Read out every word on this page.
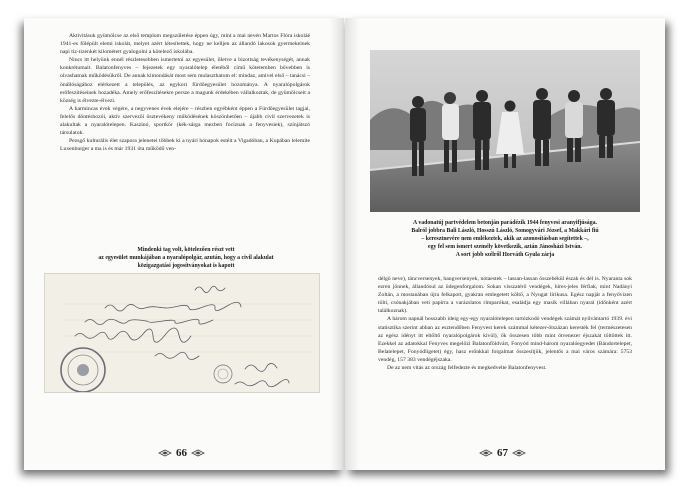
Aktivitásuk gyümölcse az első templom megszületése éppen úgy, mint a mai nevén Martos Flóra iskoláé 1941-es fölépült elemi iskolát, melyet azért létesítettek, hogy ne kelljen az állandó lakosok gyermekeinek napi tíz-tizenkét kilométert gyalogolni a kötelező iskolába.

Nincs itt helyünk ennél részletesebben ismertetni az egyesület, illetve a bizottság tevékenységét, annak konkrétumait. Balatonfenyves – fejezetek egy nyaralótelep életéből című kötetemben bővebben is olvashatnak működésükről. De annak kimondását most sem mulaszthatom el: mindaz, amivel első – tanácsi – önállóságához elérkezett a település, az egykori fürdőegyesület hozománya. A nyaralópolgárok erőfeszítéseinek hozadéka. Amely erőfeszítésekre persze a magunk érdekében vállalkoztak, de gyümölcseit a község is élvezte-élvezi.

A harmincas évek végére, a negyvenes évek elejére – részben egyébként éppen a Fürdőegyesület tagjai, felelős döntéshozói, aktív szervezői ösztevékeny működésének köszönhetően – újabb civil szervezetek is alakultak a nyaralótelepen. Kaszinó, sportkör (kék-sárga mezben focíznak a fenyvesiek), színjátszó társulatok.

Pezsgő kulturális élet szapora jelenetei többek ki a nyári hónapok estéit a Vigadóban, a Kupában lelemíte Luxenburger a ma is és már 1931 óta működő ven-

Mindenki tag volt, kötelezően részt vett
az egyesület munkájában a nyaralópolgár, azután, hogy a civil alakulat
közigazgatási jogosítványokat is kapott
66
A vadonatúj partvédelem betonján parádézik 1944 fenyvesi aranyifjúsága.
Balról jobbra Bali László, Hosszú László, Somogyvári József, a Makkári fiú
– keresztnevére nem emlékeztek, akik az azonosításban segítettek –,
egy fel sem ismert személy következik, aztán Jánosházi István.
A sort jobb szélről Horváth Gyula zárja

délgő neve), táncversenyek, hangversenyek, nótaestek – lassan-lassan összebékül észak és dél is. Nyaranta sok ezren jönnek, állandósul az üdegenforgalom. Sokan visszatérő vendégek, híres-jeles férfiak, mint Nadányi Zoltán, a mostanában újra felkapott, gyakran emlegetett költő, a Nyugat lírikusa. Egész napját a fenyővizen tölti, csónakjában veti papírra a varázslatos rímparókat, esaládja egy masík villában nyaral (időnként azért találkoznak).

A három napnál hosszabb ideig egy-egy nyaralótelepen tartózkodó vendégek számát nyilvántartó 1939. évi statisztika szerint abban az esztendőben Fenyvest kerek számmal kétezer-ötszázan keresték fel (természetesen az egész idényt itt eltöltő nyaralópolgárok kívül), ők összesen több mint ötvenezer éjszakát töltöttek itt. Ezekkel az adatokkal Fenyves megelőzi Balatonföldvárt, Fonyód mind-három nyaralóegyedet (Bándortelepet, Belatelepet, Fonyódligetet) égy, hasz erőnkkal forgalmat összesítjük, jelentős a mai város számára: 5753 vendég, 157 383 vendégéjszaka.

De az nem vitás az ország felfedezte és megkedvelte Balatonfenyvest.

67
